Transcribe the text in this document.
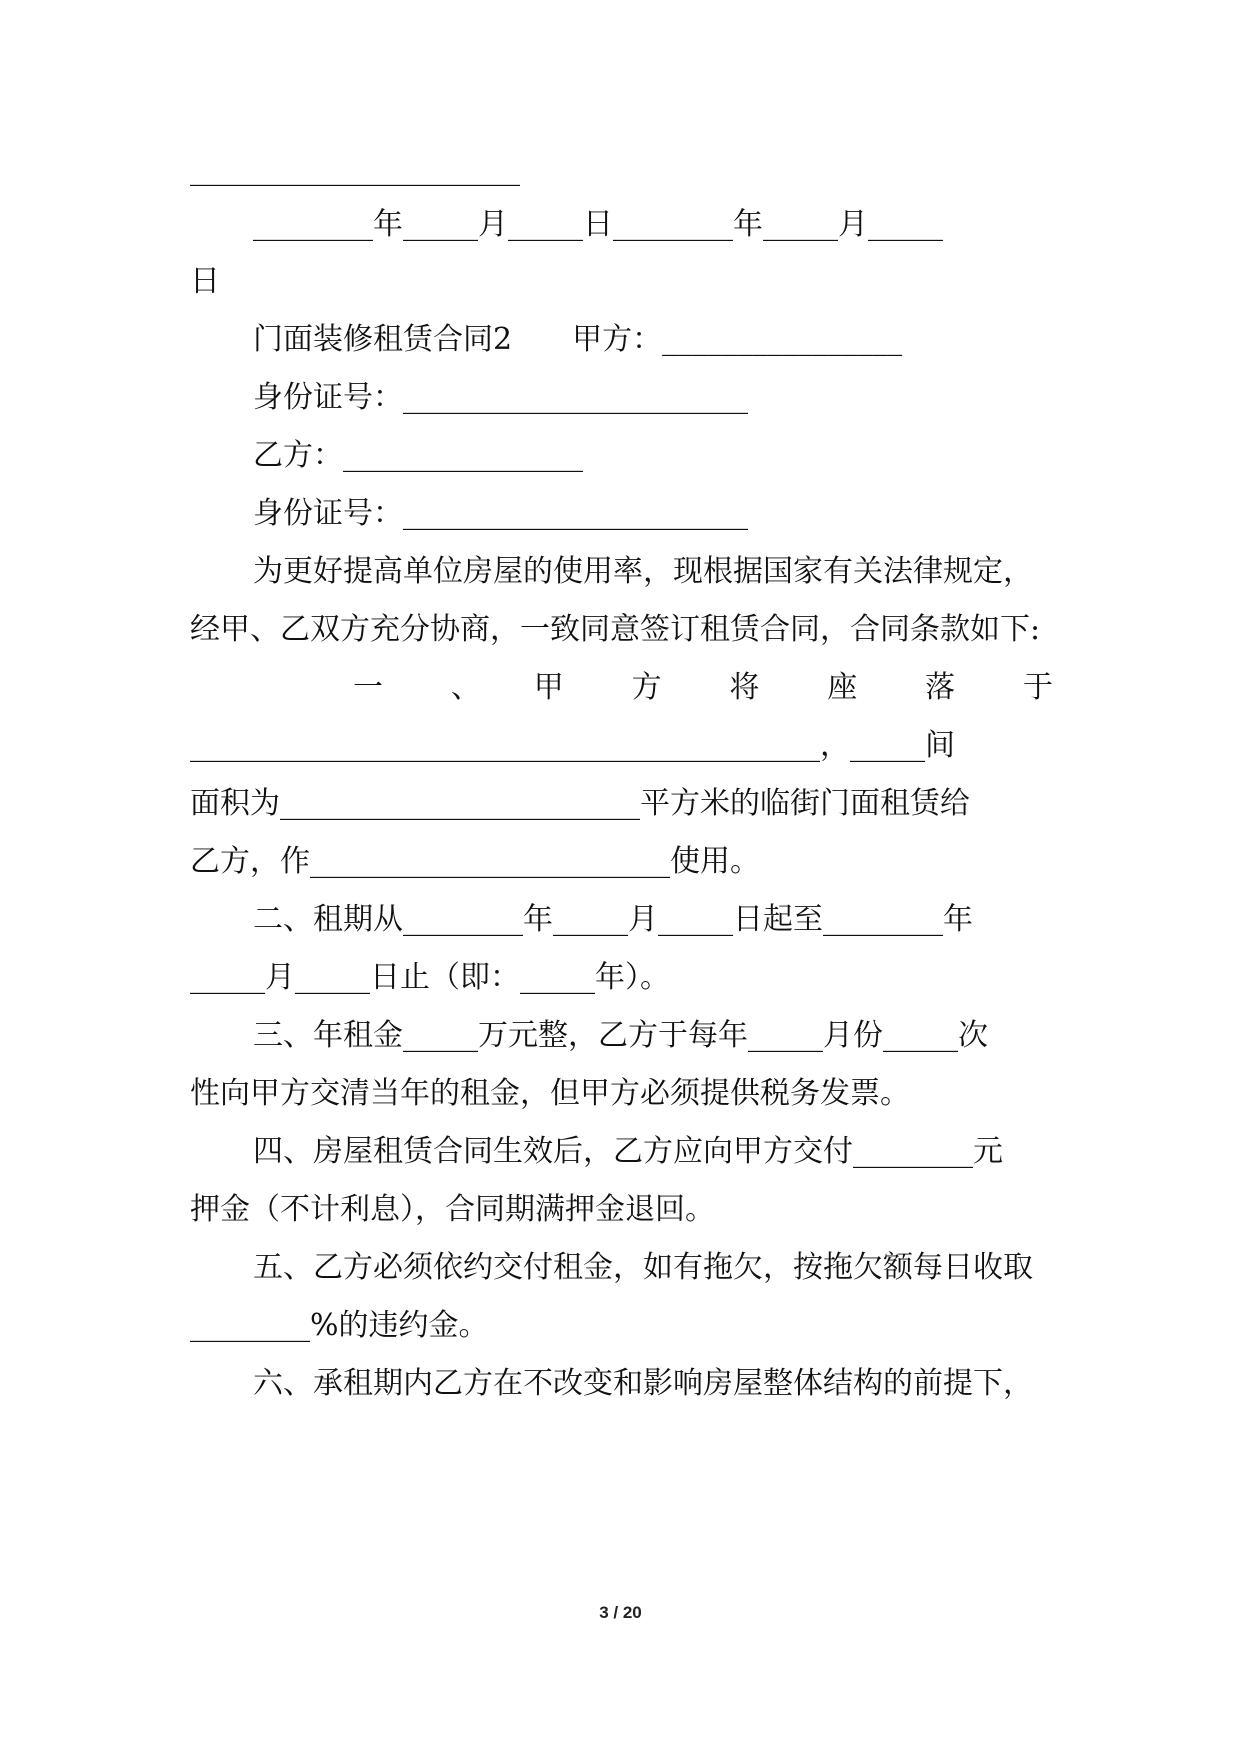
______________________

________年_____月_____日________年_____月_____

日

门面装修租赁合同2　　甲方：________________

身份证号：_______________________

乙方：________________

身份证号：_______________________

为更好提高单位房屋的使用率，现根据国家有关法律规定，

经甲、乙双方充分协商，一致同意签订租赁合同，合同条款如下:

一　、　甲　方　将　座　落　于

__________________________________________，_____间

面积为________________________平方米的临街门面租赁给

乙方，作________________________使用。

二、租期从________年_____月_____日起至________年

_____月_____日止（即：_____年）。

三、年租金_____万元整，乙方于每年_____月份_____次

性向甲方交清当年的租金，但甲方必须提供税务发票。

四、房屋租赁合同生效后，乙方应向甲方交付________元

押金（不计利息），合同期满押金退回。

五、乙方必须依约交付租金，如有拖欠，按拖欠额每日收取

________%的违约金。

六、承租期内乙方在不改变和影响房屋整体结构的前提下，

3 / 20
